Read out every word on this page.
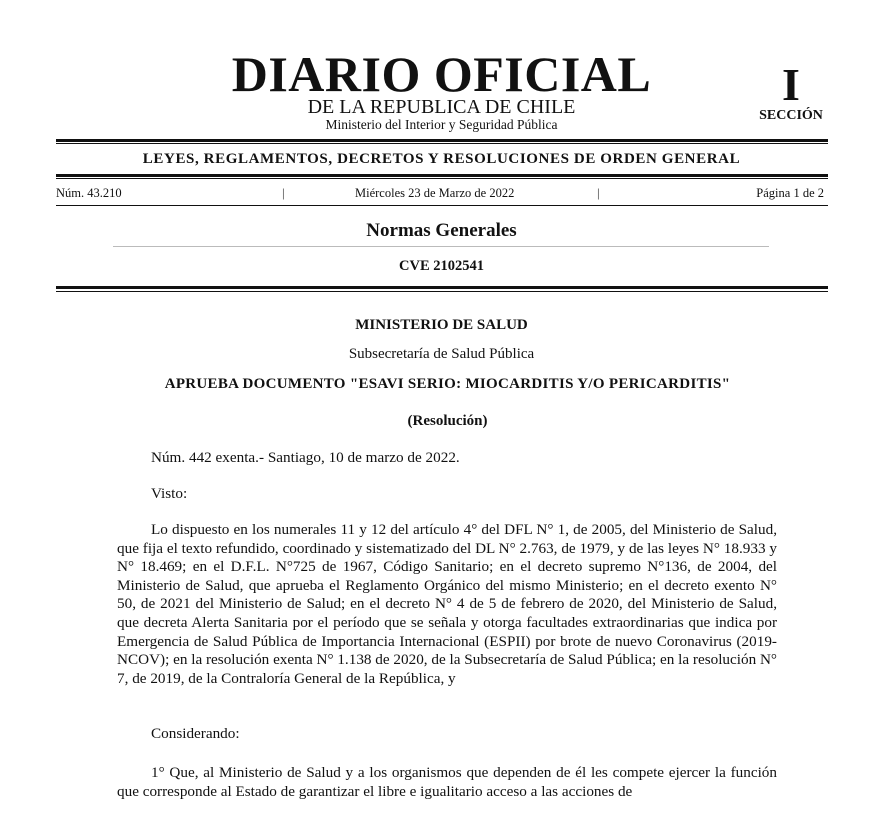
DIARIO OFICIAL
DE LA REPUBLICA DE CHILE
Ministerio del Interior y Seguridad Pública
I
SECCIÓN
LEYES, REGLAMENTOS, DECRETOS Y RESOLUCIONES DE ORDEN GENERAL
Núm. 43.210	|	Miércoles 23 de Marzo de 2022	|	Página 1 de 2
Normas Generales
CVE 2102541
MINISTERIO DE SALUD
Subsecretaría de Salud Pública
APRUEBA DOCUMENTO "ESAVI SERIO: MIOCARDITIS Y/O PERICARDITIS"
(Resolución)
Núm. 442 exenta.- Santiago, 10 de marzo de 2022.
Visto:
Lo dispuesto en los numerales 11 y 12 del artículo 4° del DFL N° 1, de 2005, del Ministerio de Salud, que fija el texto refundido, coordinado y sistematizado del DL N° 2.763, de 1979, y de las leyes N° 18.933 y N° 18.469; en el D.F.L. N°725 de 1967, Código Sanitario; en el decreto supremo N°136, de 2004, del Ministerio de Salud, que aprueba el Reglamento Orgánico del mismo Ministerio; en el decreto exento N° 50, de 2021 del Ministerio de Salud; en el decreto N° 4 de 5 de febrero de 2020, del Ministerio de Salud, que decreta Alerta Sanitaria por el período que se señala y otorga facultades extraordinarias que indica por Emergencia de Salud Pública de Importancia Internacional (ESPII) por brote de nuevo Coronavirus (2019-NCOV); en la resolución exenta N° 1.138 de 2020, de la Subsecretaría de Salud Pública; en la resolución N° 7, de 2019, de la Contraloría General de la República, y
Considerando:
1° Que, al Ministerio de Salud y a los organismos que dependen de él les compete ejercer la función que corresponde al Estado de garantizar el libre e igualitario acceso a las acciones de
